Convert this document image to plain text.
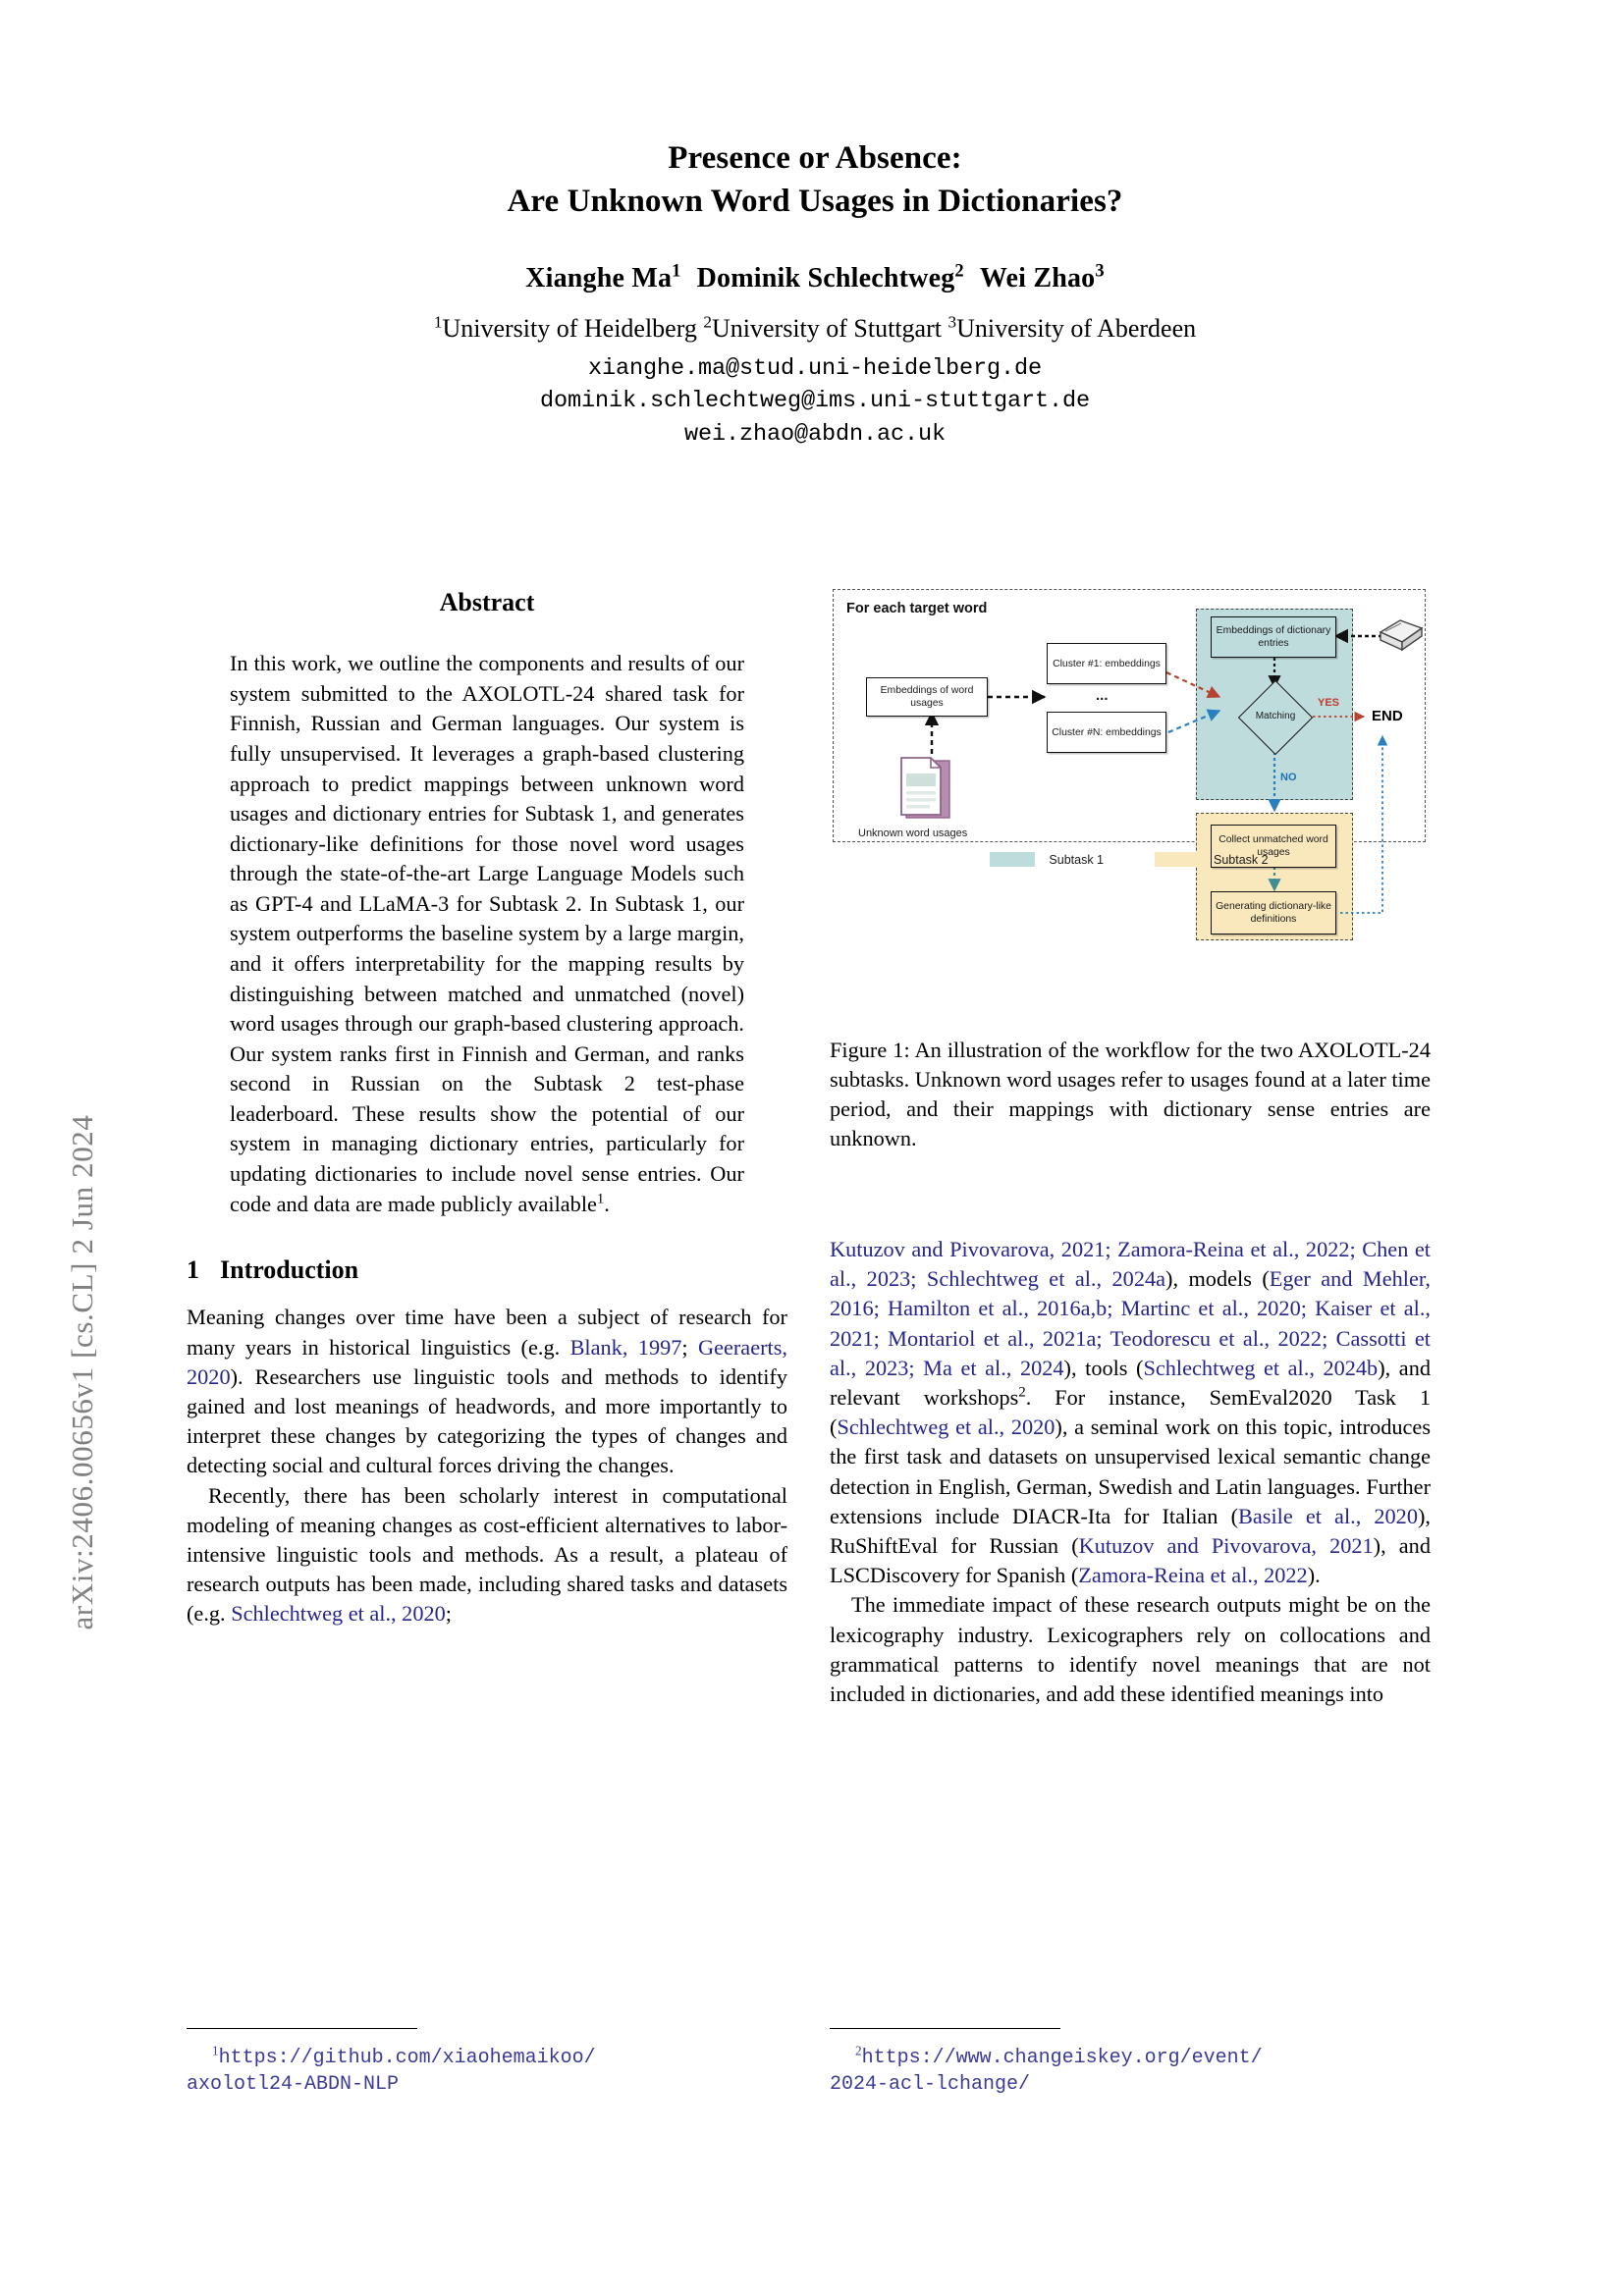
arXiv:2406.00656v1 [cs.CL] 2 Jun 2024
Presence or Absence:
Are Unknown Word Usages in Dictionaries?
Xianghe Ma$^1$ Dominik Schlechtweg$^2$ Wei Zhao$^3$
$^1$University of Heidelberg $^2$University of Stuttgart $^3$University of Aberdeen
xianghe.ma@stud.uni-heidelberg.de
dominik.schlechtweg@ims.uni-stuttgart.de
wei.zhao@abdn.ac.uk
Abstract
In this work, we outline the components and results of our system submitted to the AXOLOTL-24 shared task for Finnish, Russian and German languages. Our system is fully unsupervised. It leverages a graph-based clustering approach to predict mappings between unknown word usages and dictionary entries for Subtask 1, and generates dictionary-like definitions for those novel word usages through the state-of-the-art Large Language Models such as GPT-4 and LLaMA-3 for Subtask 2. In Subtask 1, our system outperforms the baseline system by a large margin, and it offers interpretability for the mapping results by distinguishing between matched and unmatched (novel) word usages through our graph-based clustering approach. Our system ranks first in Finnish and German, and ranks second in Russian on the Subtask 2 test-phase leaderboard. These results show the potential of our system in managing dictionary entries, particularly for updating dictionaries to include novel sense entries. Our code and data are made publicly available$^1$.
1 Introduction

Meaning changes over time have been a subject of research for many years in historical linguistics (e.g. Blank, 1997; Geeraerts, 2020). Researchers use linguistic tools and methods to identify gained and lost meanings of headwords, and more importantly to interpret these changes by categorizing the types of changes and detecting social and cultural forces driving the changes.

Recently, there has been scholarly interest in computational modeling of meaning changes as cost-efficient alternatives to labor-intensive linguistic tools and methods. As a result, a plateau of research outputs has been made, including shared tasks and datasets (e.g. Schlechtweg et al., 2020;

For each target word
Embeddings of word usages
Cluster #1: embeddings
...
Cluster #N: embeddings
Embeddings of dictionary entries
Matching
Collect unmatched word usages
Generating dictionary-like definitions
YES
NO
END
Unknown word usages
Subtask 1	Subtask 2
Figure 1: An illustration of the workflow for the two AXOLOTL-24 subtasks. Unknown word usages refer to usages found at a later time period, and their mappings with dictionary sense entries are unknown.

Kutuzov and Pivovarova, 2021; Zamora-Reina et al., 2022; Chen et al., 2023; Schlechtweg et al., 2024a), models (Eger and Mehler, 2016; Hamilton et al., 2016a,b; Martinc et al., 2020; Kaiser et al., 2021; Montariol et al., 2021a; Teodorescu et al., 2022; Cassotti et al., 2023; Ma et al., 2024), tools (Schlechtweg et al., 2024b), and relevant workshops$^2$. For instance, SemEval2020 Task 1 (Schlechtweg et al., 2020), a seminal work on this topic, introduces the first task and datasets on unsupervised lexical semantic change detection in English, German, Swedish and Latin languages. Further extensions include DIACR-Ita for Italian (Basile et al., 2020), RuShiftEval for Russian (Kutuzov and Pivovarova, 2021), and LSCDiscovery for Spanish (Zamora-Reina et al., 2022).

The immediate impact of these research outputs might be on the lexicography industry. Lexicographers rely on collocations and grammatical patterns to identify novel meanings that are not included in dictionaries, and add these identified meanings into

$^1$https://github.com/xiaohemaikoo/
axolotl24-ABDN-NLP
$^2$https://www.changeiskey.org/event/
2024-acl-lchange/
